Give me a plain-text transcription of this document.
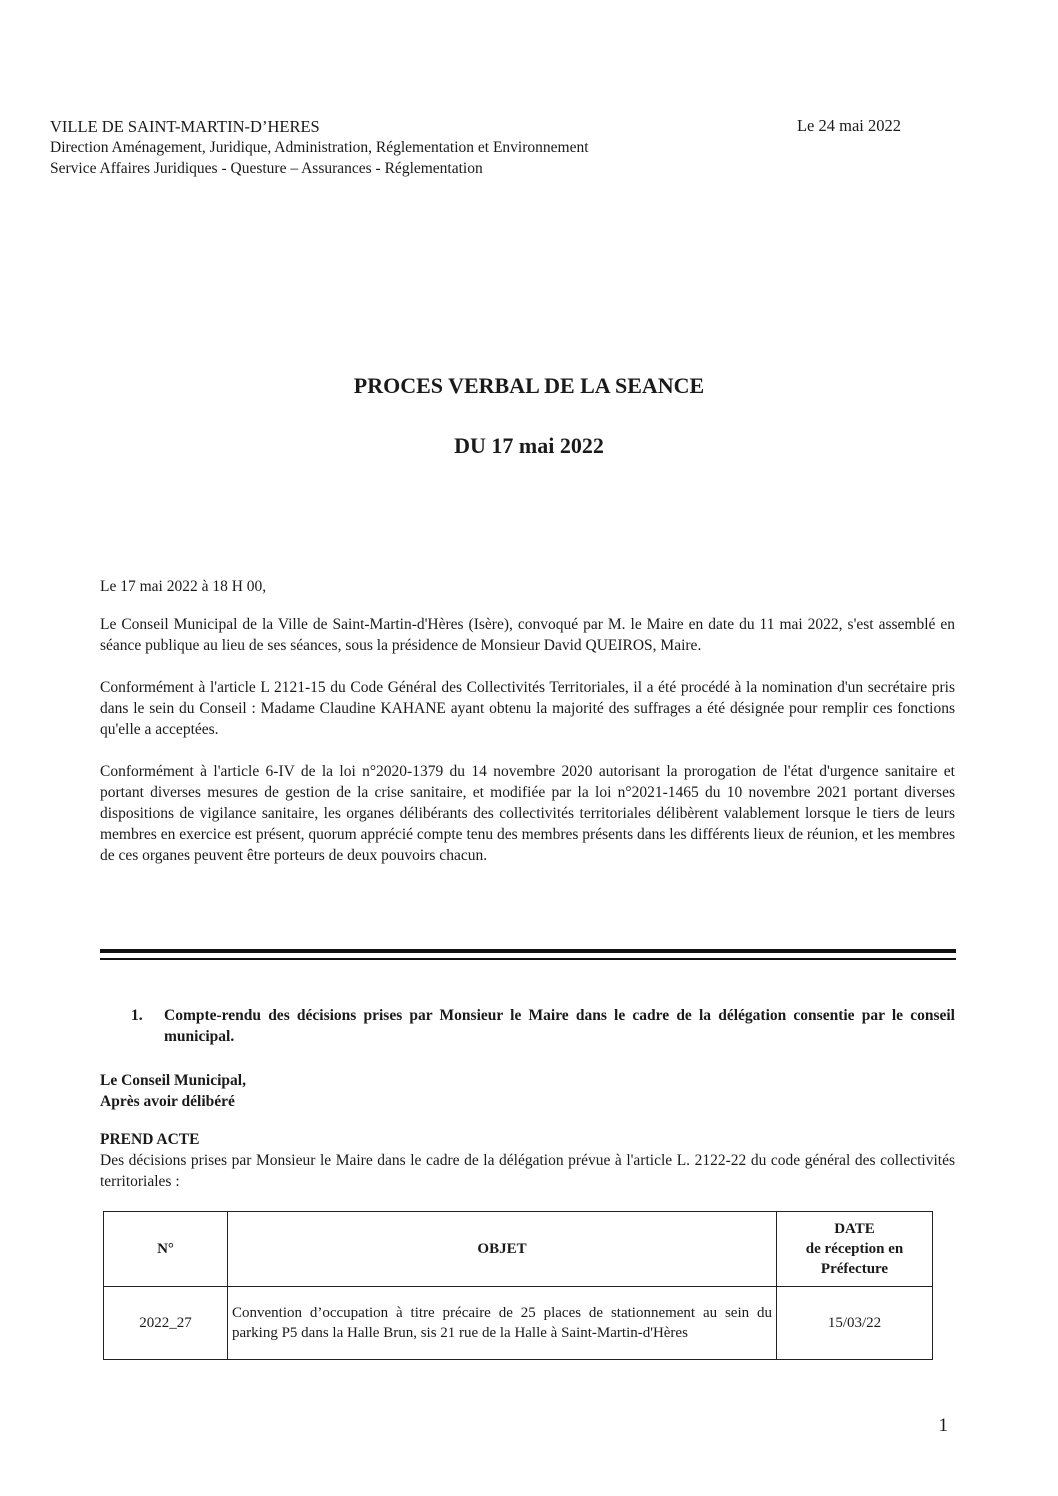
VILLE DE SAINT-MARTIN-D’HERES
Direction Aménagement, Juridique, Administration, Réglementation et Environnement
Service Affaires Juridiques - Questure – Assurances - Réglementation
Le 24 mai 2022
PROCES VERBAL DE LA SEANCE
DU 17 mai 2022
Le 17 mai 2022 à 18 H 00,
Le Conseil Municipal de la Ville de Saint-Martin-d'Hères (Isère), convoqué par M. le Maire en date du 11 mai 2022, s'est assemblé en séance publique au lieu de ses séances, sous la présidence de Monsieur David QUEIROS, Maire.
Conformément à l'article L 2121-15 du Code Général des Collectivités Territoriales, il a été procédé à la nomination d'un secrétaire pris dans le sein du Conseil : Madame Claudine KAHANE ayant obtenu la majorité des suffrages a été désignée pour remplir ces fonctions qu'elle a acceptées.
Conformément à l'article 6-IV de la loi n°2020-1379 du 14 novembre 2020 autorisant la prorogation de l'état d'urgence sanitaire et portant diverses mesures de gestion de la crise sanitaire, et modifiée par la loi n°2021-1465 du 10 novembre 2021 portant diverses dispositions de vigilance sanitaire, les organes délibérants des collectivités territoriales délibèrent valablement lorsque le tiers de leurs membres en exercice est présent, quorum apprécié compte tenu des membres présents dans les différents lieux de réunion, et les membres de ces organes peuvent être porteurs de deux pouvoirs chacun.
1. Compte-rendu des décisions prises par Monsieur le Maire dans le cadre de la délégation consentie par le conseil municipal.
Le Conseil Municipal,
Après avoir délibéré
PREND ACTE
Des décisions prises par Monsieur le Maire dans le cadre de la délégation prévue à l'article L. 2122-22 du code général des collectivités territoriales :
N°	OBJET	DATE
de réception en
Préfecture

2022_27	Convention d’occupation à titre précaire de 25 places de stationnement au sein du parking P5 dans la Halle Brun, sis 21 rue de la Halle à Saint-Martin-d'Hères	15/03/22
1
